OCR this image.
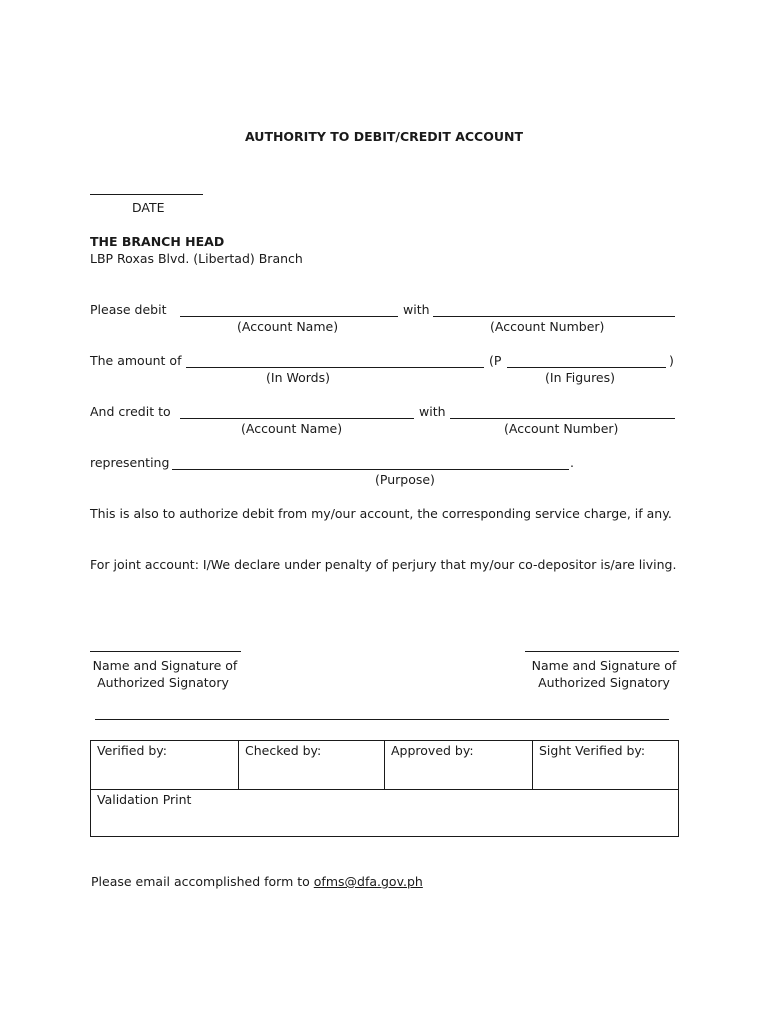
AUTHORITY TO DEBIT/CREDIT ACCOUNT
DATE
THE BRANCH HEAD
LBP Roxas Blvd. (Libertad) Branch
Please debit	with
(Account Name)	(Account Number)
The amount of	(P	)
(In Words)	(In Figures)
And credit to	with
(Account Name)	(Account Number)
representing	.
(Purpose)
This is also to authorize debit from my/our account, the corresponding service charge, if any.
For joint account: I/We declare under penalty of perjury that my/our co-depositor is/are living.
Name and Signature of
Authorized Signatory
Name and Signature of
Authorized Signatory
Verified by:	Checked by:	Approved by:	Sight Verified by:
Validation Print
Please email accomplished form to ofms@dfa.gov.ph
